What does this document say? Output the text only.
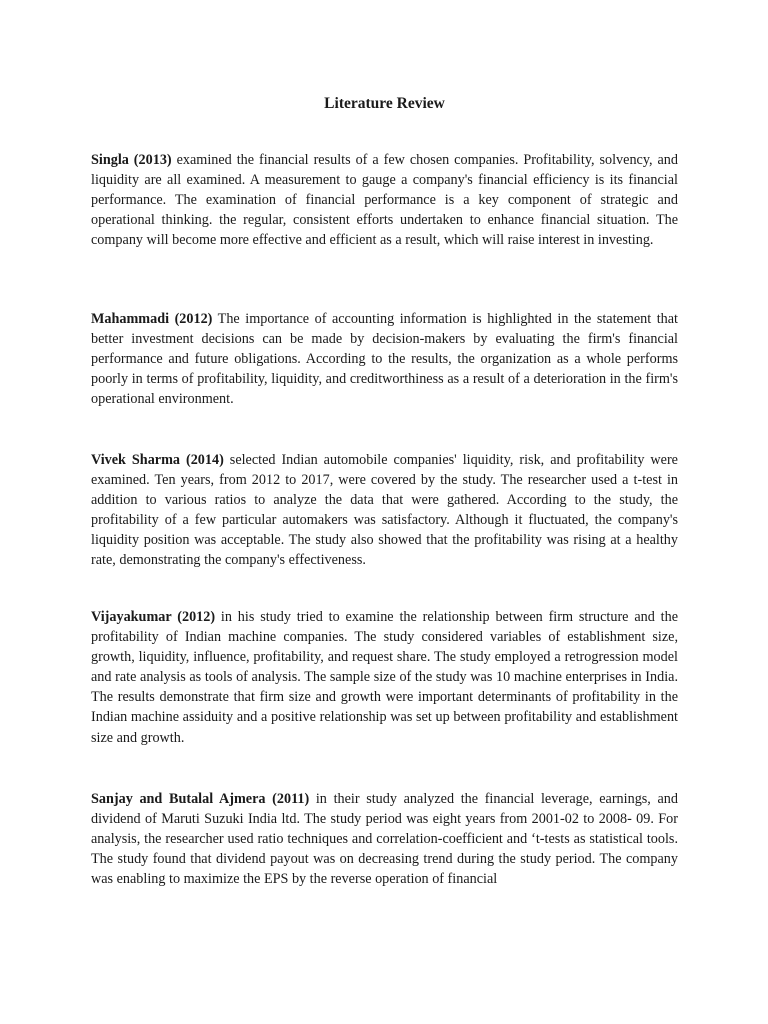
Literature Review

Singla (2013) examined the financial results of a few chosen companies. Profitability, solvency, and liquidity are all examined. A measurement to gauge a company's financial efficiency is its financial performance. The examination of financial performance is a key component of strategic and operational thinking. the regular, consistent efforts undertaken to enhance financial situation. The company will become more effective and efficient as a result, which will raise interest in investing.

Mahammadi (2012) The importance of accounting information is highlighted in the statement that better investment decisions can be made by decision-makers by evaluating the firm's financial performance and future obligations. According to the results, the organization as a whole performs poorly in terms of profitability, liquidity, and creditworthiness as a result of a deterioration in the firm's operational environment.

Vivek Sharma (2014) selected Indian automobile companies' liquidity, risk, and profitability were examined. Ten years, from 2012 to 2017, were covered by the study. The researcher used a t-test in addition to various ratios to analyze the data that were gathered. According to the study, the profitability of a few particular automakers was satisfactory. Although it fluctuated, the company's liquidity position was acceptable. The study also showed that the profitability was rising at a healthy rate, demonstrating the company's effectiveness.

Vijayakumar (2012) in his study tried to examine the relationship between firm structure and the profitability of Indian machine companies. The study considered variables of establishment size, growth, liquidity, influence, profitability, and request share. The study employed a retrogression model and rate analysis as tools of analysis. The sample size of the study was 10 machine enterprises in India. The results demonstrate that firm size and growth were important determinants of profitability in the Indian machine assiduity and a positive relationship was set up between profitability and establishment size and growth.

Sanjay and Butalal Ajmera (2011) in their study analyzed the financial leverage, earnings, and dividend of Maruti Suzuki India ltd. The study period was eight years from 2001-02 to 2008- 09. For analysis, the researcher used ratio techniques and correlation-coefficient and ‘t-tests as statistical tools. The study found that dividend payout was on decreasing trend during the study period. The company was enabling to maximize the EPS by the reverse operation of financial
